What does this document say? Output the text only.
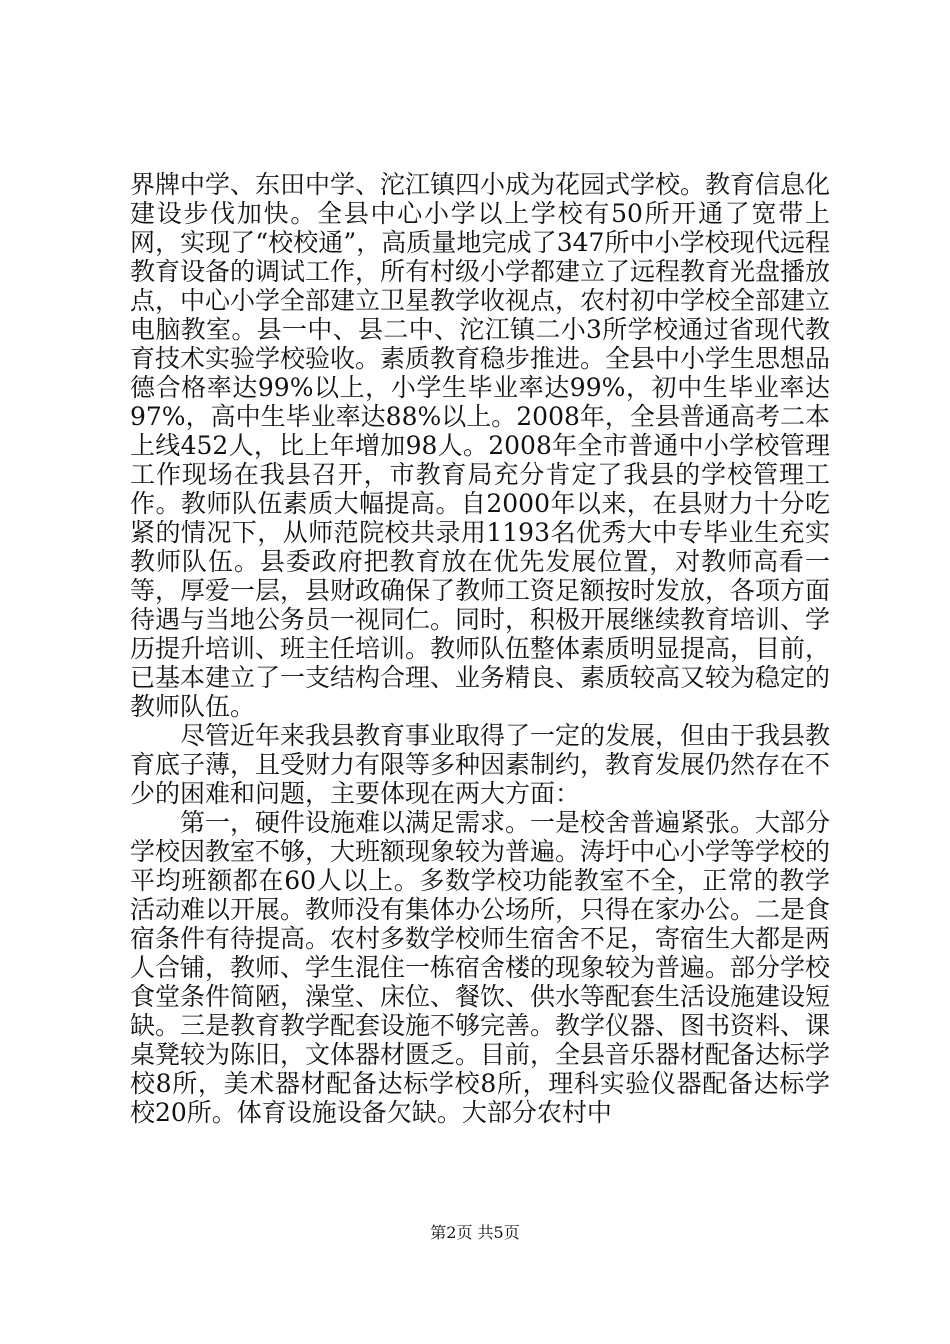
界牌中学、东田中学、沱江镇四小成为花园式学校。教育信息化建设步伐加快。全县中心小学以上学校有50所开通了宽带上网，实现了“校校通”，高质量地完成了347所中小学校现代远程教育设备的调试工作，所有村级小学都建立了远程教育光盘播放点，中心小学全部建立卫星教学收视点，农村初中学校全部建立电脑教室。县一中、县二中、沱江镇二小3所学校通过省现代教育技术实验学校验收。素质教育稳步推进。全县中小学生思想品德合格率达99%以上，小学生毕业率达99%，初中生毕业率达97%，高中生毕业率达88%以上。2008年，全县普通高考二本上线452人，比上年增加98人。2008年全市普通中小学校管理工作现场在我县召开，市教育局充分肯定了我县的学校管理工作。教师队伍素质大幅提高。自2000年以来，在县财力十分吃紧的情况下，从师范院校共录用1193名优秀大中专毕业生充实教师队伍。县委政府把教育放在优先发展位置，对教师高看一等，厚爱一层，县财政确保了教师工资足额按时发放，各项方面待遇与当地公务员一视同仁。同时，积极开展继续教育培训、学历提升培训、班主任培训。教师队伍整体素质明显提高，目前，已基本建立了一支结构合理、业务精良、素质较高又较为稳定的教师队伍。

尽管近年来我县教育事业取得了一定的发展，但由于我县教育底子薄，且受财力有限等多种因素制约，教育发展仍然存在不少的困难和问题，主要体现在两大方面：

第一，硬件设施难以满足需求。一是校舍普遍紧张。大部分学校因教室不够，大班额现象较为普遍。涛圩中心小学等学校的平均班额都在60人以上。多数学校功能教室不全，正常的教学活动难以开展。教师没有集体办公场所，只得在家办公。二是食宿条件有待提高。农村多数学校师生宿舍不足，寄宿生大都是两人合铺，教师、学生混住一栋宿舍楼的现象较为普遍。部分学校食堂条件简陋，澡堂、床位、餐饮、供水等配套生活设施建设短缺。三是教育教学配套设施不够完善。教学仪器、图书资料、课桌凳较为陈旧，文体器材匮乏。目前，全县音乐器材配备达标学校8所，美术器材配备达标学校8所，理科实验仪器配备达标学校20所。体育设施设备欠缺。大部分农村中

第2页 共5页
